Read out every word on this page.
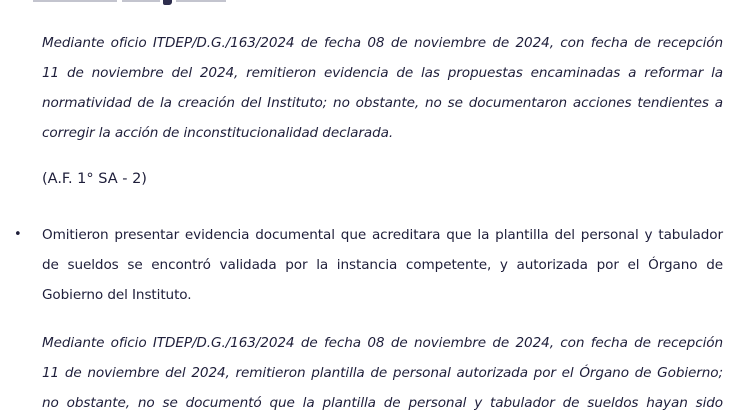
Mediante oficio ITDEP/D.G./163/2024 de fecha 08 de noviembre de 2024, con fecha de recepción
11 de noviembre del 2024, remitieron evidencia de las propuestas encaminadas a reformar la
normatividad de la creación del Instituto; no obstante, no se documentaron acciones tendientes a
corregir la acción de inconstitucionalidad declarada.
(A.F. 1° SA - 2)
• Omitieron presentar evidencia documental que acreditara que la plantilla del personal y tabulador
de sueldos se encontró validada por la instancia competente, y autorizada por el Órgano de
Gobierno del Instituto.
Mediante oficio ITDEP/D.G./163/2024 de fecha 08 de noviembre de 2024, con fecha de recepción
11 de noviembre del 2024, remitieron plantilla de personal autorizada por el Órgano de Gobierno;
no obstante, no se documentó que la plantilla de personal y tabulador de sueldos hayan sido
